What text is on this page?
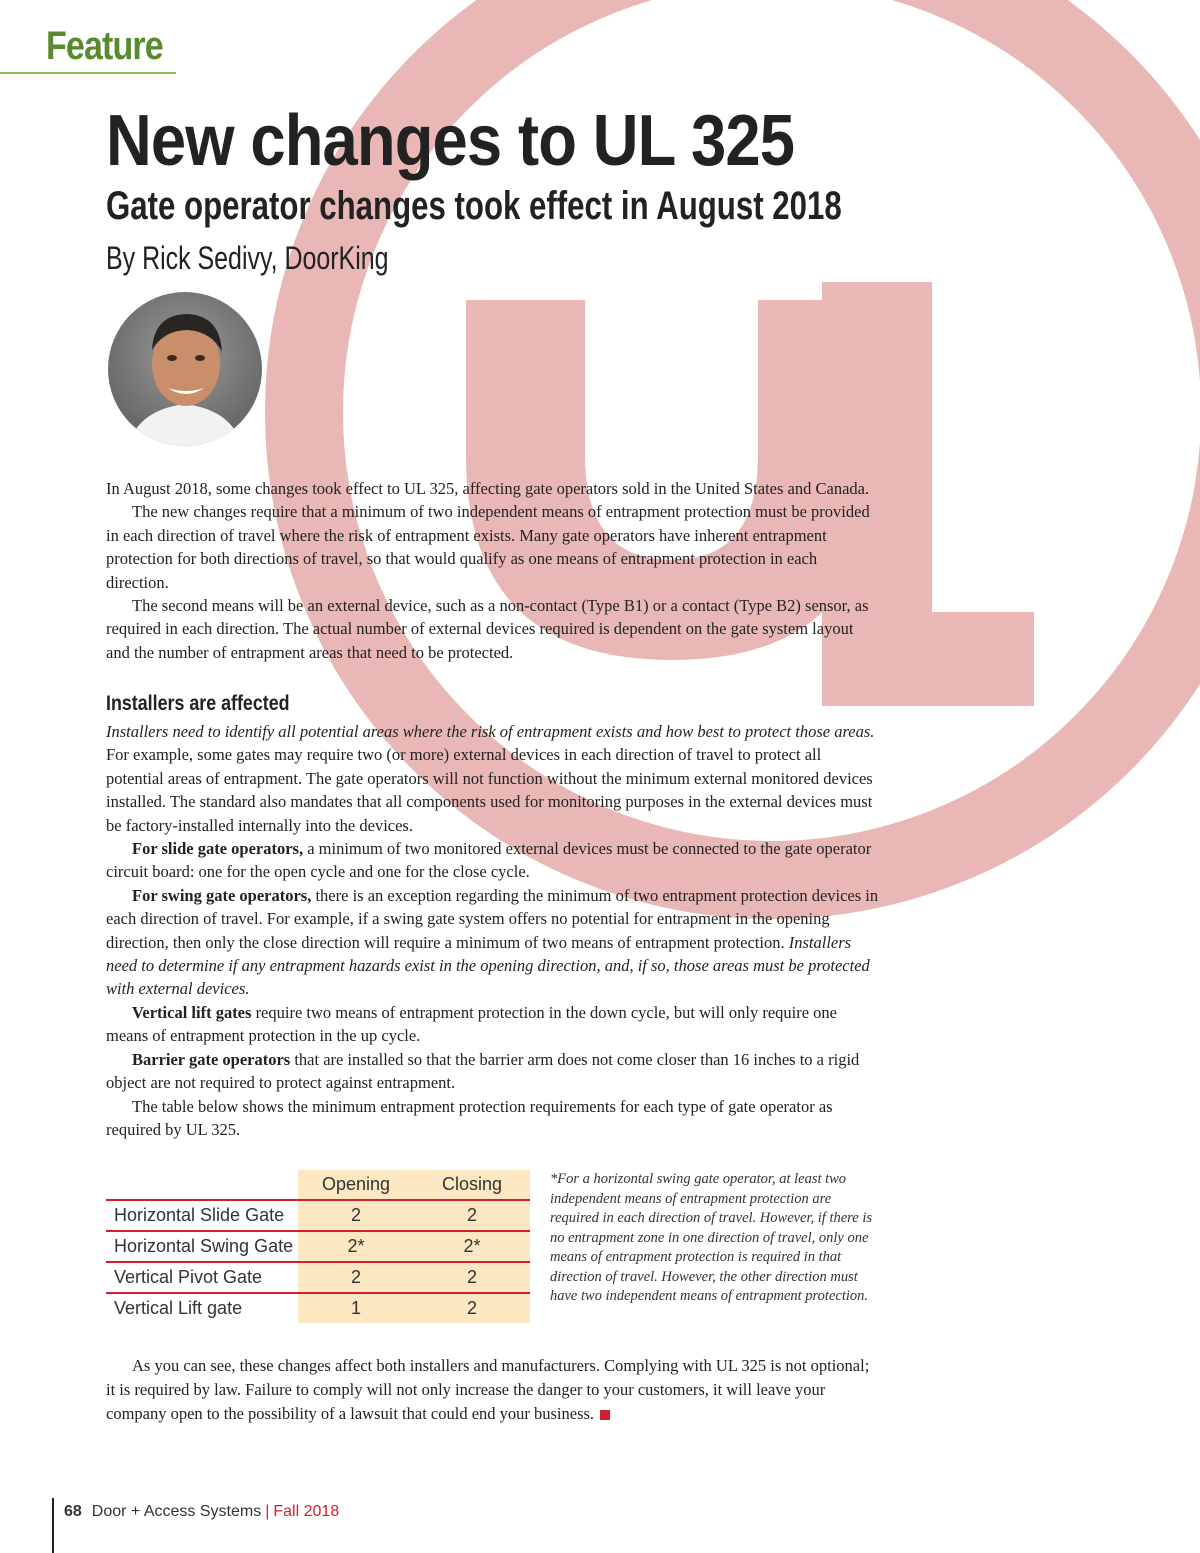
Feature
New changes to UL 325
Gate operator changes took effect in August 2018
By Rick Sedivy, DoorKing

In August 2018, some changes took effect to UL 325, affecting gate operators sold in the United States and Canada.

The new changes require that a minimum of two independent means of entrapment protection must be provided in each direction of travel where the risk of entrapment exists. Many gate operators have inherent entrapment protection for both directions of travel, so that would qualify as one means of entrapment protection in each direction.

The second means will be an external device, such as a non-contact (Type B1) or a contact (Type B2) sensor, as required in each direction. The actual number of external devices required is dependent on the gate system layout and the number of entrapment areas that need to be protected.

Installers are affected

Installers need to identify all potential areas where the risk of entrapment exists and how best to protect those areas. For example, some gates may require two (or more) external devices in each direction of travel to protect all potential areas of entrapment. The gate operators will not function without the minimum external monitored devices installed. The standard also mandates that all components used for monitoring purposes in the external devices must be factory-installed internally into the devices.

For slide gate operators, a minimum of two monitored external devices must be connected to the gate operator circuit board: one for the open cycle and one for the close cycle.

For swing gate operators, there is an exception regarding the minimum of two entrapment protection devices in each direction of travel. For example, if a swing gate system offers no potential for entrapment in the opening direction, then only the close direction will require a minimum of two means of entrapment protection. Installers need to determine if any entrapment hazards exist in the opening direction, and, if so, those areas must be protected with external devices.

Vertical lift gates require two means of entrapment protection in the down cycle, but will only require one means of entrapment protection in the up cycle.

Barrier gate operators that are installed so that the barrier arm does not come closer than 16 inches to a rigid object are not required to protect against entrapment.

The table below shows the minimum entrapment protection requirements for each type of gate operator as required by UL 325.

	Opening	Closing
Horizontal Slide Gate	2	2
Horizontal Swing Gate	2*	2*
Vertical Pivot Gate	2	2
Vertical Lift gate	1	2
*For a horizontal swing gate operator, at least two independent means of entrapment protection are required in each direction of travel. However, if there is no entrapment zone in one direction of travel, only one means of entrapment protection is required in that direction of travel. However, the other direction must have two independent means of entrapment protection.
As you can see, these changes affect both installers and manufacturers. Complying with UL 325 is not optional; it is required by law. Failure to comply will not only increase the danger to your customers, it will leave your company open to the possibility of a lawsuit that could end your business.
68 Door + Access Systems | Fall 2018
